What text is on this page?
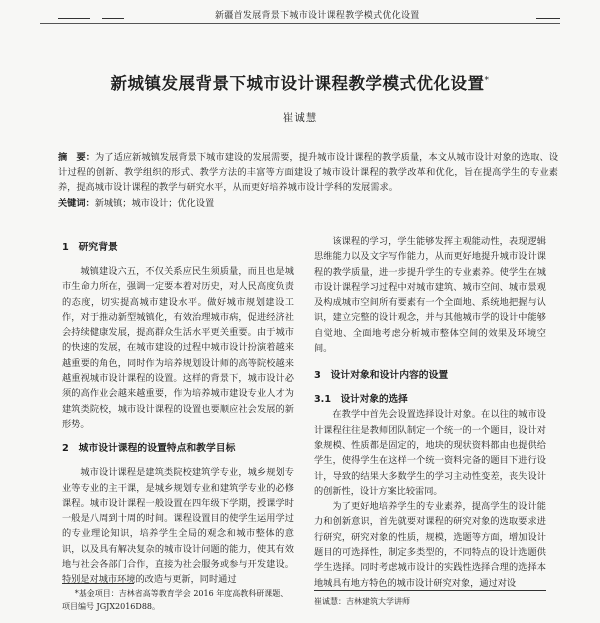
新疆首发展背景下城市设计课程教学模式优化设置
新城镇发展背景下城市设计课程教学模式优化设置*
崔诚慧
摘　要：为了适应新城镇发展背景下城市建设的发展需要，提升城市设计课程的教学质量，本文从城市设计对象的选取、设计过程的创新、教学组织的形式、教学方法的丰富等方面建设了城市设计课程的教学改革和优化，旨在提高学生的专业素养，提高城市设计课程的教学与研究水平，从而更好培养城市设计学科的发展需求。
关键词：新城镇；城市设计；优化设置
1　研究背景

城镇建设六五，不仅关系应民生须质量，而且也是城市生命力所在，强调一定要本着对历史，对人民高度负责的态度，切实提高城市建设水平。做好城市规划建设工作，对于推动新型城镇化，有效治理城市病，促进经济社会持续健康发展，提高群众生活水平更关重要。由于城市的快速的发展，在城市建设的过程中城市设计扮演着越来越重要的角色，同时作为培养规划设计师的高等院校越来越重视城市设计课程的设置。这样的背景下，城市设计必须的高作业会越来越重要，作为培养城市建设专业人才为建筑类院校，城市设计课程的设置也要顺应社会发展的新形势。

2　城市设计课程的设置特点和教学目标

城市设计课程是建筑类院校建筑学专业，城乡规划专业等专业的主干课，是城乡规划专业和建筑学专业的必修课程。城市设计课程一般设置在四年级下学期，授课学时一般是八周到十周的时间。课程设置目的使学生运用学过的专业理论知识，培养学生全局的观念和城市整体的意识，以及具有解决复杂的城市设计问题的能力，使其有效地与社会各部门合作，直接为社会服务或参与开发建设。特别是对城市环境的改造与更新，同时通过

该课程的学习，学生能够发挥主观能动性，表现逻辑思维能力以及文字写作能力，从而更好地提升城市设计课程的教学质量，进一步提升学生的专业素养。使学生在城市设计课程学习过程中对城市建筑、城市空间、城市景观及构成城市空间所有要素有一个全面地、系统地把握与认识，建立完整的设计观念，并与其他城市学的设计中能够自觉地、全面地考虑分析城市整体空间的效果及环境空间。

3　设计对象和设计内容的设置
3.1　设计对象的选择

在教学中首先会设置选择设计对象。在以往的城市设计课程往往是教师团队制定一个统一的一个题目，设计对象规模、性质都是固定的，地块的现状资料都由也提供给学生，使得学生在这样一个统一资料完备的题目下进行设计，导致的结果大多数学生的学习主动性变差，丧失设计的创新性，设计方案比较雷同。

为了更好地培养学生的专业素养，提高学生的设计能力和创新意识，首先就要对课程的研究对象的选取要求进行研究，研究对象的性质，规模，选题等方面，增加设计题目的可选择性，制定多类型的，不同特点的设计选题供学生选择。同时考虑城市设计的实践性选择合理的选择本地城具有地方特色的城市设计研究对象，通过对设

*基金项目：吉林省高等教育学会 2016 年度高教科研课题、项目编号 JGJX2016D88。

崔诚慧：吉林建筑大学讲师
